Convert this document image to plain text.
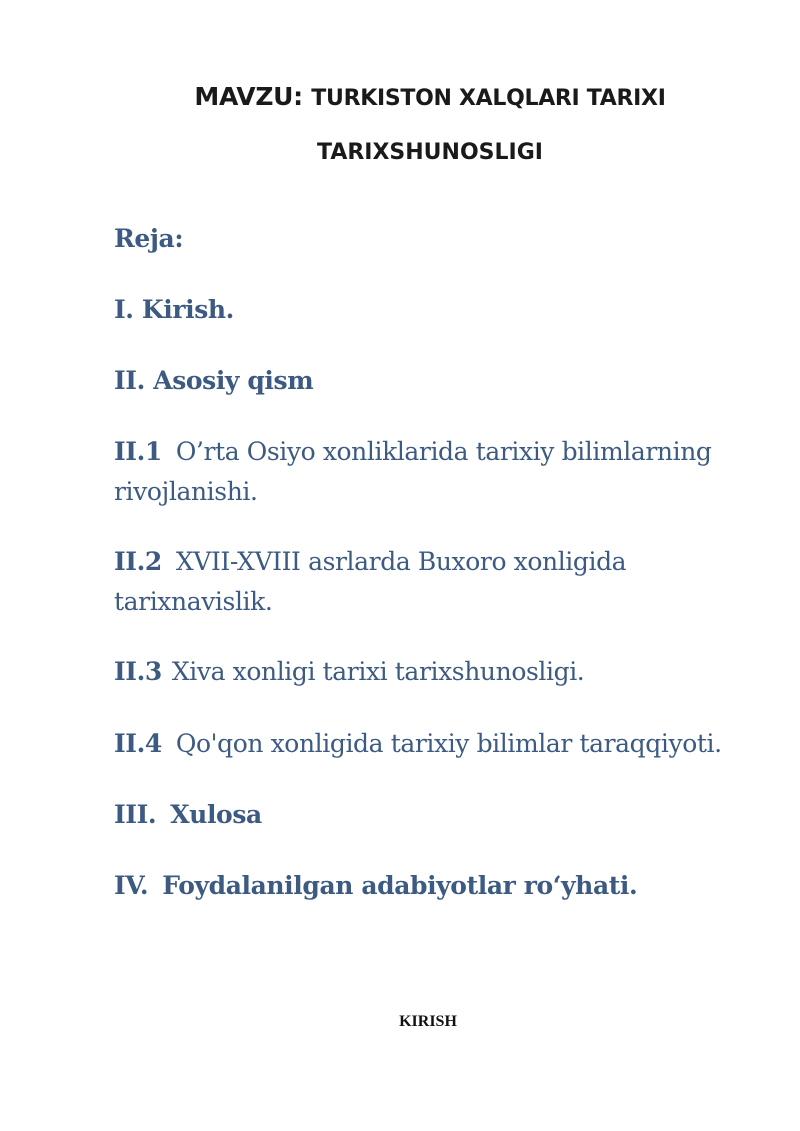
MAVZU: TURKISTON XALQLARI TARIXI
TARIXSHUNOSLIGI
Reja:
I. Kirish.
II. Asosiy qism
II.1 O’rta Osiyo xonliklarida tarixiy bilimlarning
rivojlanishi.
II.2 XVII-XVIII asrlarda Buxoro xonligida
tarixnavislik.
II.3 Xiva xonligi tarixi tarixshunosligi.
II.4 Qo'qon xonligida tarixiy bilimlar taraqqiyoti.
III. Xulosa
IV. Foydalanilgan adabiyotlar ro‘yhati.
KIRISH
